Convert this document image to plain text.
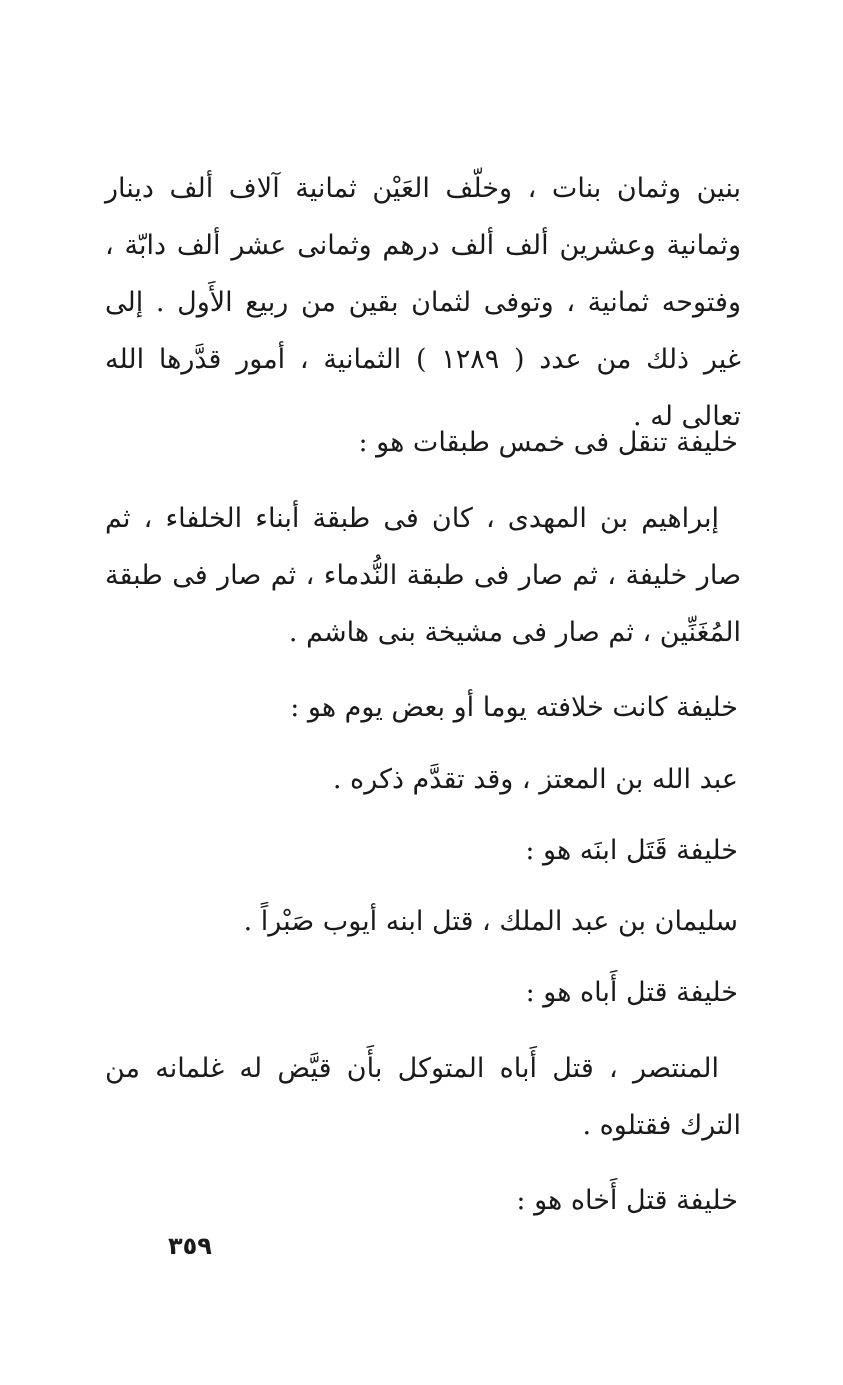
بنين وثمان بنات ، وخلّف العَيْن ثمانية آلاف ألف دينار وثمانية وعشرين ألف ألف درهم وثمانى عشر ألف دابّة ، وفتوحه ثمانية ، وتوفى لثمان بقين من ربيع الأَول . إلى غير ذلك من عدد ( ١٢٨٩ ) الثمانية ، أمور قدَّرها الله تعالى له .

خليفة تنقل فى خمس طبقات هو :

إبراهيم بن المهدى ، كان فى طبقة أبناء الخلفاء ، ثم صار خليفة ، ثم صار فى طبقة النُّدماء ، ثم صار فى طبقة المُغَنِّين ، ثم صار فى مشيخة بنى هاشم .

خليفة كانت خلافته يوما أو بعض يوم هو :

عبد الله بن المعتز ، وقد تقدَّم ذكره .

خليفة قَتَل ابنَه هو :

سليمان بن عبد الملك ، قتل ابنه أيوب صَبْراً .

خليفة قتل أَباه هو :

المنتصر ، قتل أَباه المتوكل بأَن قيَّض له غلمانه من الترك فقتلوه .

خليفة قتل أَخاه هو :

٣٥٩
